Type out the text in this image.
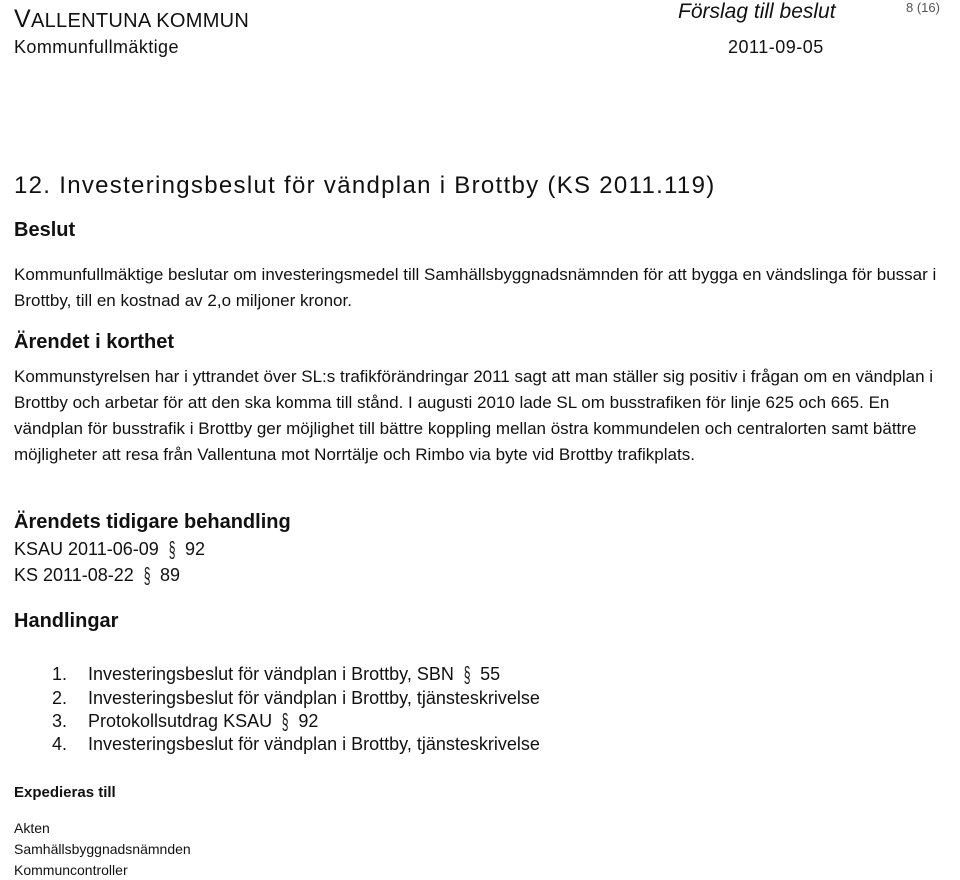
VALLENTUNA KOMMUN
Kommunfullmäktige
Förslag till beslut
2011-09-05
8 (16)
12. Investeringsbeslut för vändplan i Brottby (KS 2011.119)
Beslut
Kommunfullmäktige beslutar om investeringsmedel till Samhällsbyggnadsnämnden för att bygga en vändslinga för bussar i Brottby, till en kostnad av 2,o miljoner kronor.
Ärendet i korthet
Kommunstyrelsen har i yttrandet över SL:s trafikförändringar 2011 sagt att man ställer sig positiv i frågan om en vändplan i Brottby och arbetar för att den ska komma till stånd. I augusti 2010 lade SL om busstrafiken för linje 625 och 665. En vändplan för busstrafik i Brottby ger möjlighet till bättre koppling mellan östra kommundelen och centralorten samt bättre möjligheter att resa från Vallentuna mot Norrtälje och Rimbo via byte vid Brottby trafikplats.
Ärendets tidigare behandling
KSAU 2011-06-09 § 92
KS 2011-08-22 § 89
Handlingar
1. Investeringsbeslut för vändplan i Brottby, SBN § 55
2. Investeringsbeslut för vändplan i Brottby, tjänsteskrivelse
3. Protokollsutdrag KSAU § 92
4. Investeringsbeslut för vändplan i Brottby, tjänsteskrivelse
Expedieras till
Akten
Samhällsbyggnadsnämnden
Kommuncontroller
